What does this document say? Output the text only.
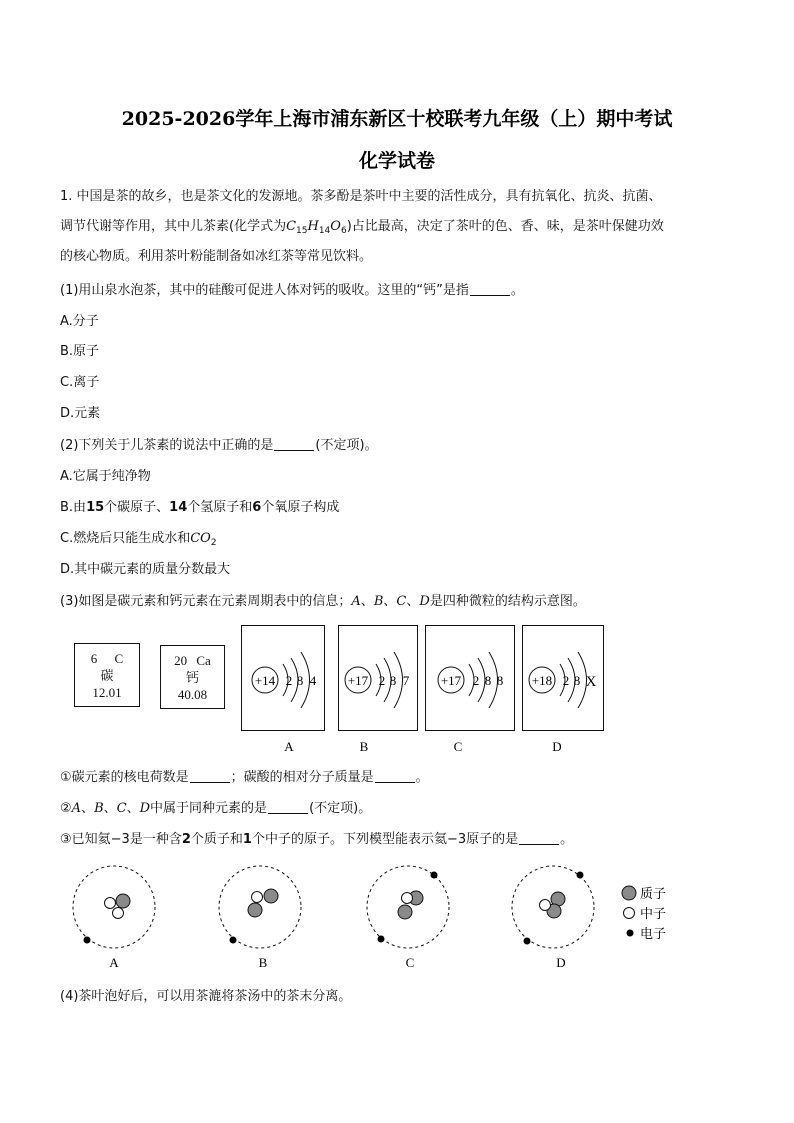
2025-2026学年上海市浦东新区十校联考九年级（上）期中考试
化学试卷
1. 中国是茶的故乡，也是茶文化的发源地。茶多酚是茶叶中主要的活性成分，具有抗氧化、抗炎、抗菌、
调节代谢等作用，其中儿茶素(化学式为$C_{15}H_{14}O_6$)占比最高，决定了茶叶的色、香、味，是茶叶保健功效
的核心物质。利用茶叶粉能制备如冰红茶等常见饮料。
(1)用山泉水泡茶，其中的硅酸可促进人体对钙的吸收。这里的“钙”是指	。
A.分子
B.原子
C.离子
D.元素
(2)下列关于儿茶素的说法中正确的是	(不定项)。
A.它属于纯净物
B.由15个碳原子、14个氢原子和6个氧原子构成
C.燃烧后只能生成水和$CO_2$
D.其中碳元素的质量分数最大
(3)如图是碳元素和钙元素在元素周期表中的信息；A、B、C、D是四种微粒的结构示意图。
6 C
碳
12.01
20 Ca
钙
40.08
+14 2 8 4 +17 2 8 7 +17 2 8 8 +18 2 8 X
A	B	C	D
A	B	C	D
质子
中子
电子
①碳元素的核电荷数是	；碳酸的相对分子质量是	。
②A、B、C、D中属于同种元素的是	(不定项)。
③已知氦−3是一种含2个质子和1个中子的原子。下列模型能表示氦−3原子的是	。
(4)茶叶泡好后，可以用茶漉将茶汤中的茶末分离。
